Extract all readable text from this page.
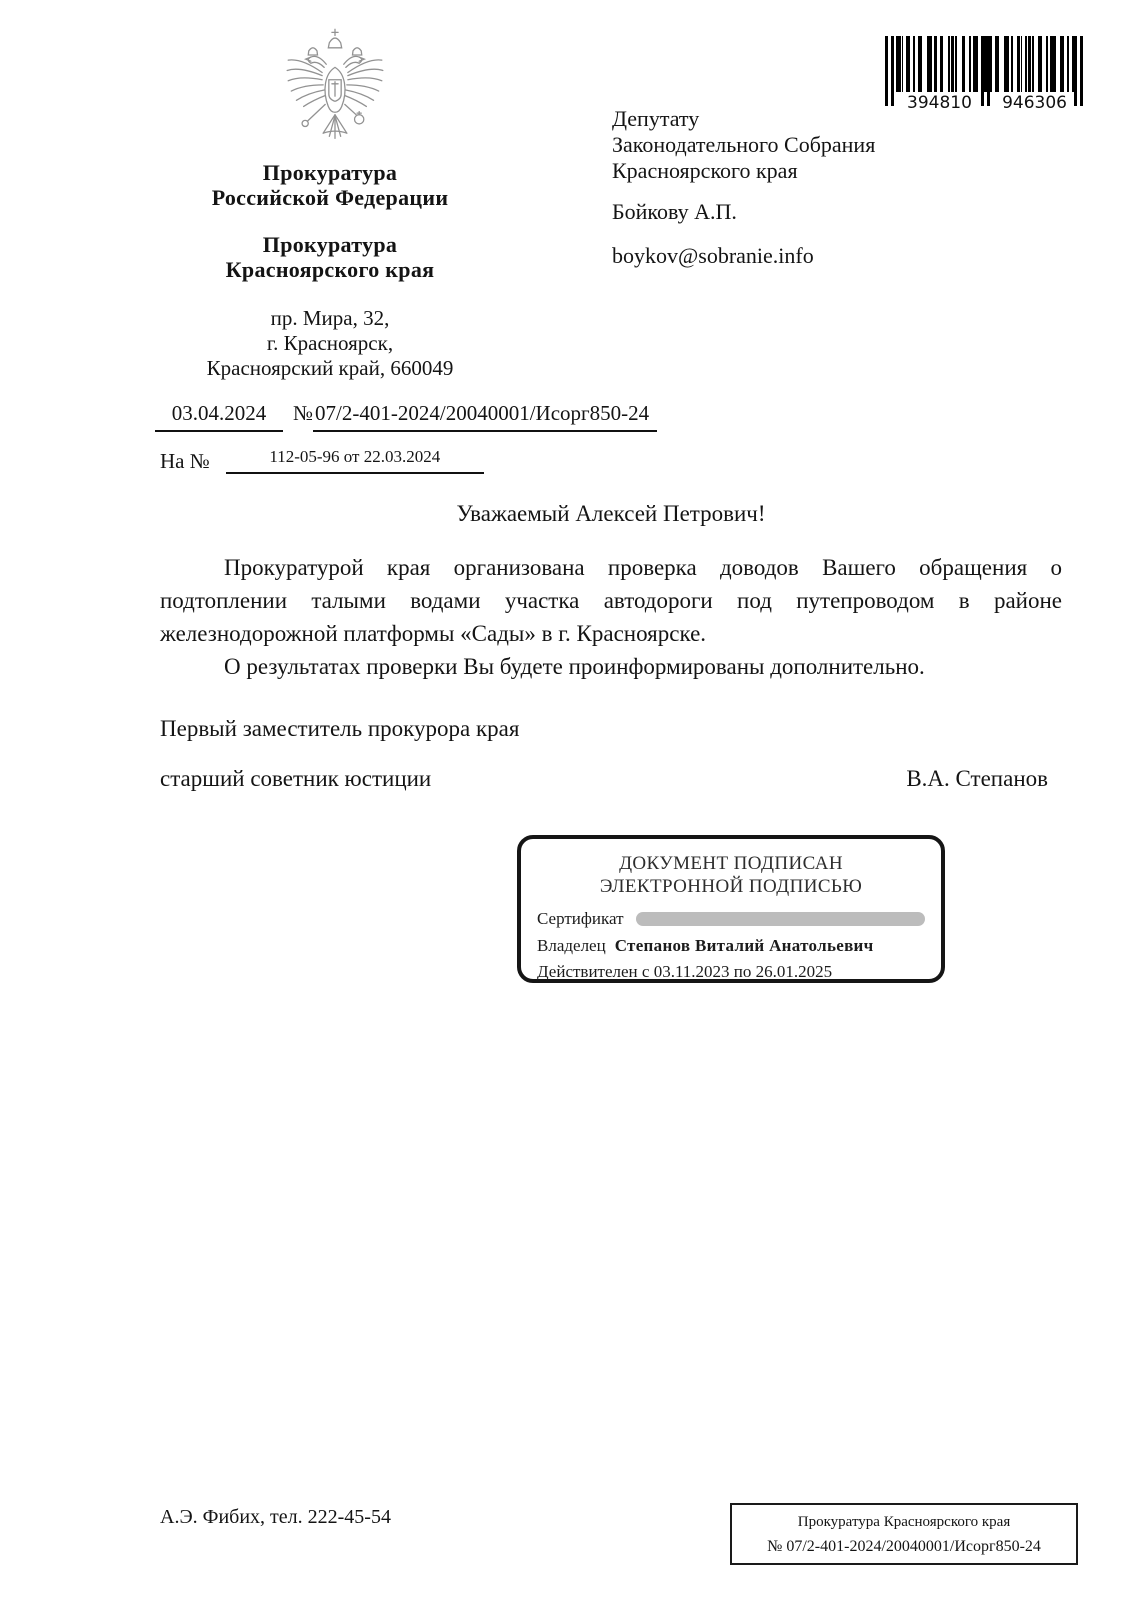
Прокуратура
Российской Федерации
Прокуратура
Красноярского края
пр. Мира, 32,
г. Красноярск,
Красноярский край, 660049
394810 946306
Депутату
Законодательного Собрания
Красноярского края
Бойкову А.П.
boykov@sobranie.info
03.04.2024 №07/2-401-2024/20040001/Исорг850-24
На №	112-05-96 от 22.03.2024
Уважаемый Алексей Петрович!

Прокуратурой края организована проверка доводов Вашего обращения о подтоплении талыми водами участка автодороги под путепроводом в районе железнодорожной платформы «Сады» в г. Красноярске.

О результатах проверки Вы будете проинформированы дополнительно.

Первый заместитель прокурора края
старший советник юстиции	В.А. Степанов
ДОКУМЕНТ ПОДПИСАН
ЭЛЕКТРОННОЙ ПОДПИСЬЮ
Сертификат
Владелец Степанов Виталий Анатольевич
Действителен с 03.11.2023 по 26.01.2025
А.Э. Фибих, тел. 222-45-54	Прокуратура Красноярского края
№ 07/2-401-2024/20040001/Исорг850-24
